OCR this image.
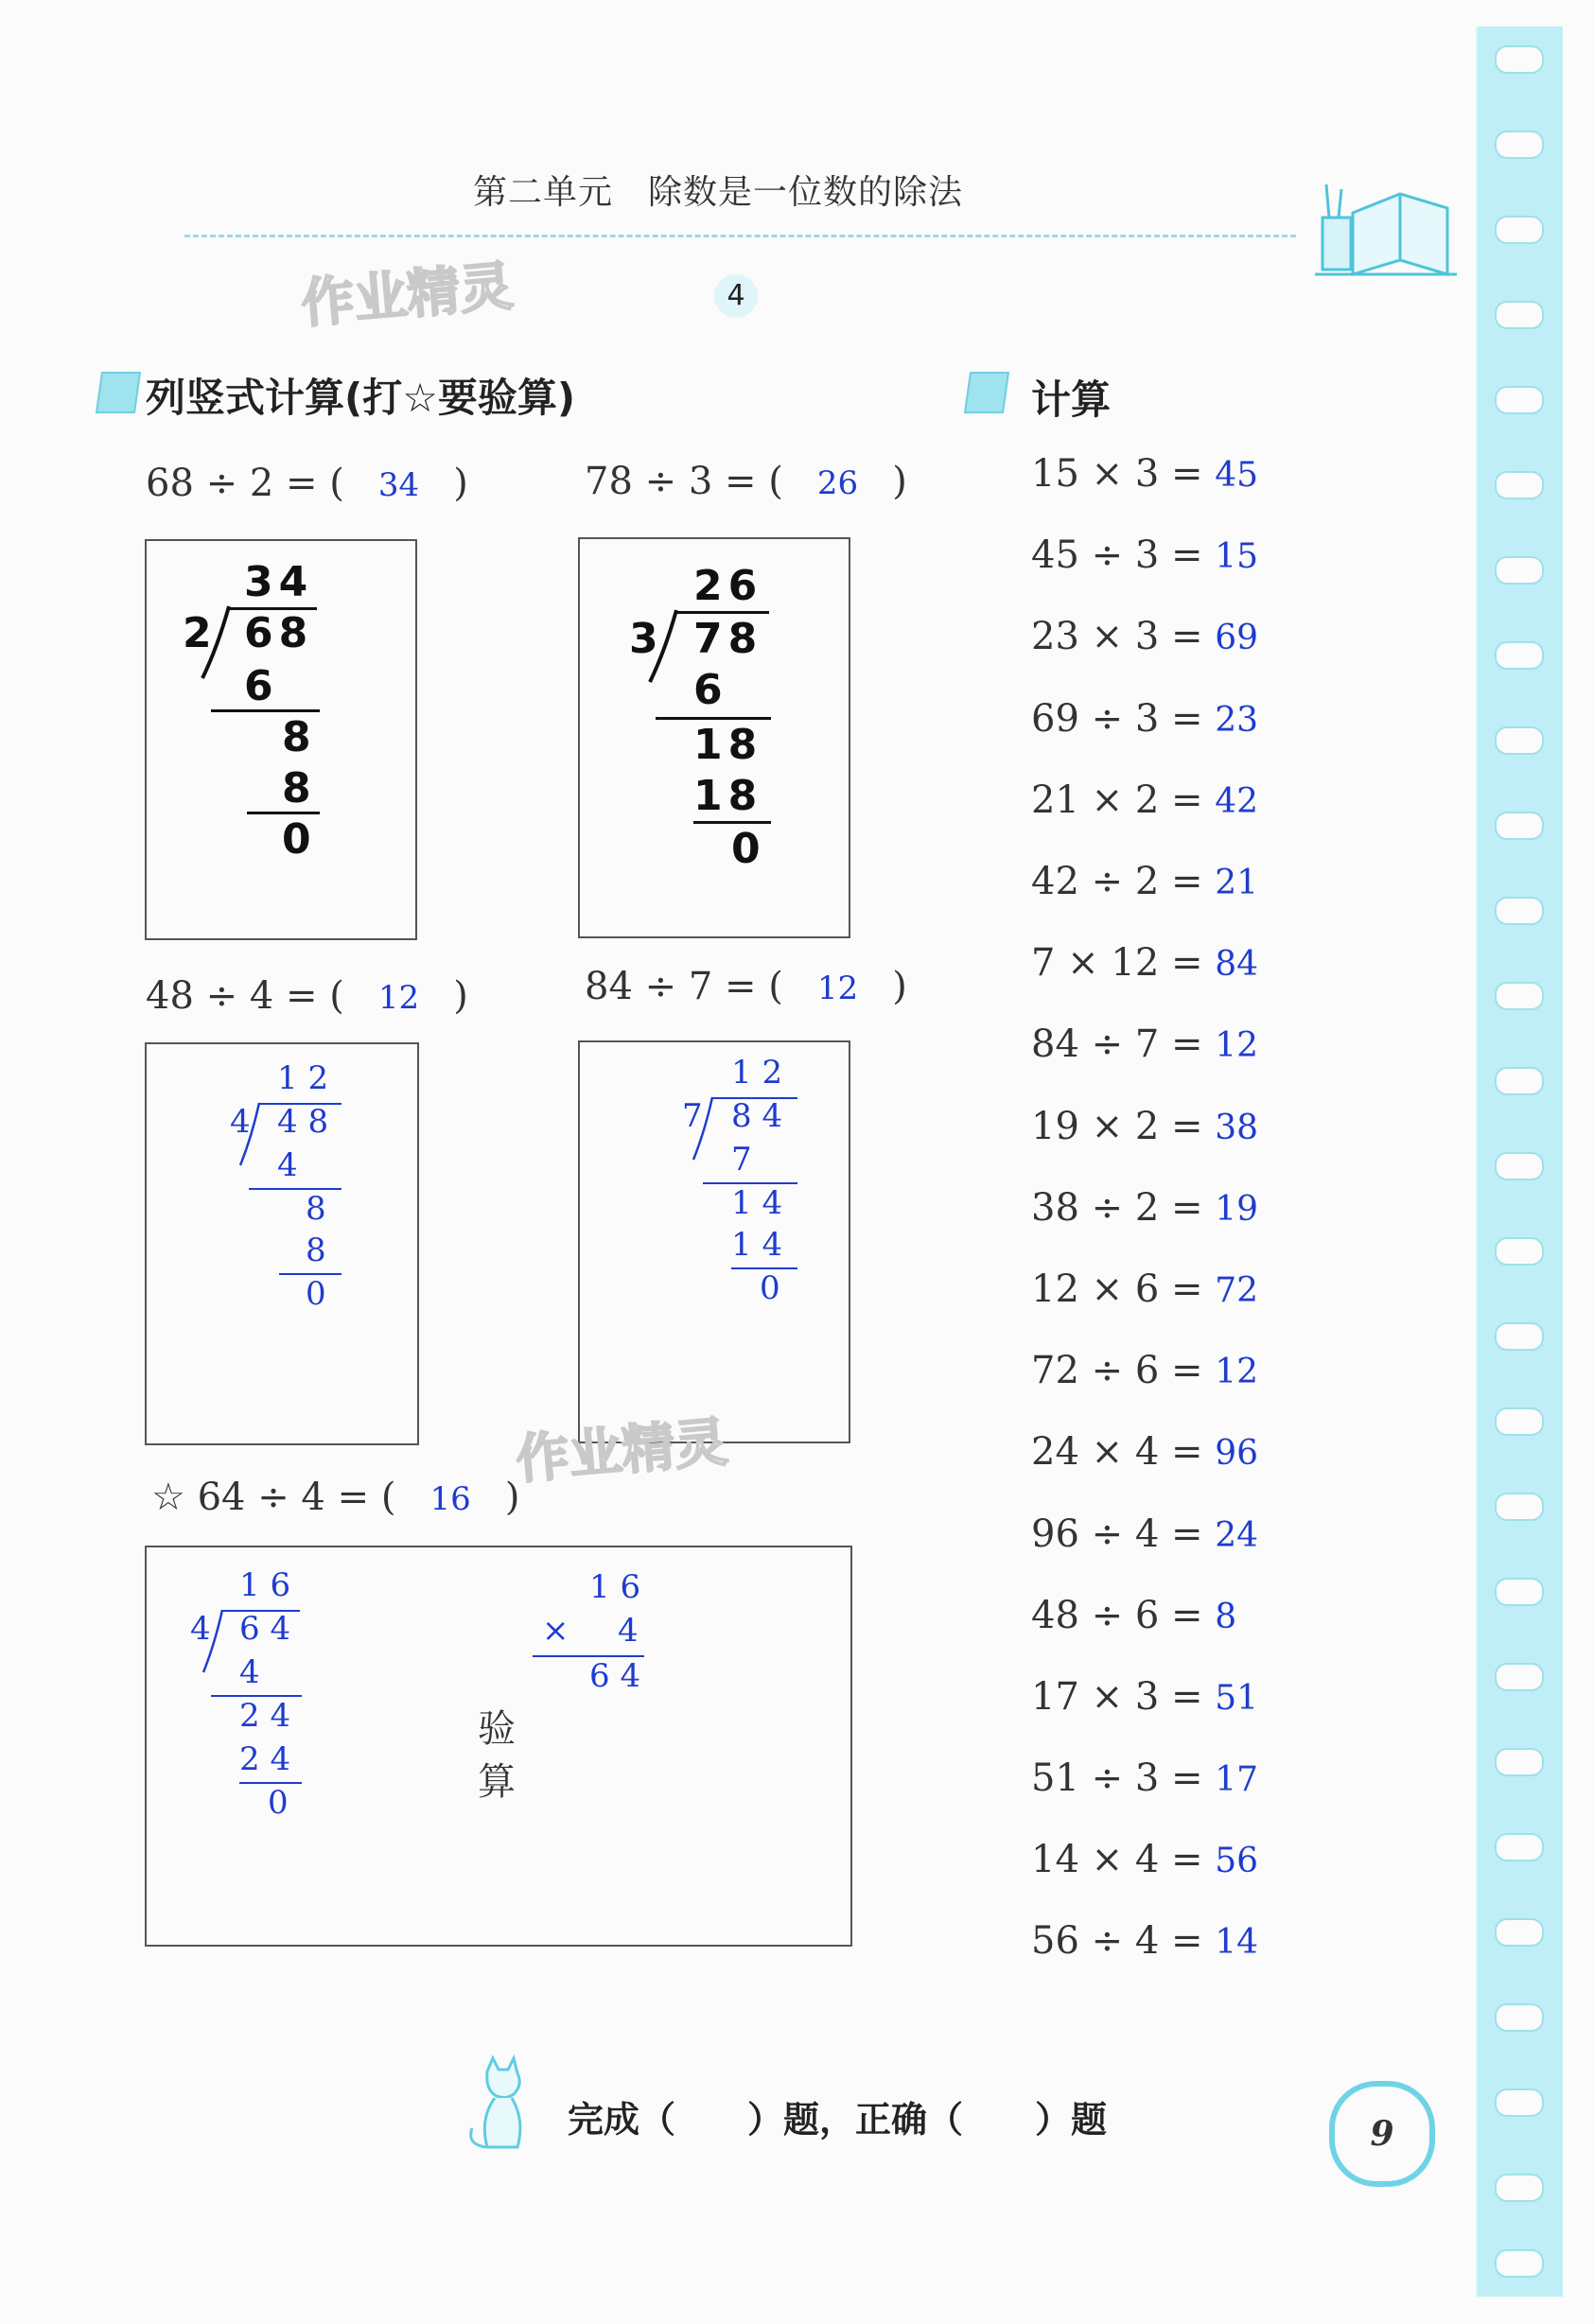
第二单元　除数是一位数的除法
作业精灵	4
列竖式计算(打☆要验算)	计算
68 ÷ 2 = ( 34 )	78 ÷ 3 = ( 26 )
34
2 68
6
8
8
0
26
3 78
6
18
18
0
48 ÷ 4 = ( 12 )	84 ÷ 7 = ( 12 )
1 2
4 4 8
4
8
8
0
1 2
7 8 4
7
1 4
1 4
0
作业精灵
☆ 64 ÷ 4 = ( 16 )
1 6
4 6 4
4
2 4
2 4
0
1 6
× 4
6 4
验
算
15 × 3 = 45
45 ÷ 3 = 15
23 × 3 = 69
69 ÷ 3 = 23
21 × 2 = 42
42 ÷ 2 = 21
7 × 12 = 84
84 ÷ 7 = 12
19 × 2 = 38
38 ÷ 2 = 19
12 × 6 = 72
72 ÷ 6 = 12
24 × 4 = 96
96 ÷ 4 = 24
48 ÷ 6 = 8
17 × 3 = 51
51 ÷ 3 = 17
14 × 4 = 56
56 ÷ 4 = 14
完成（　　）题，正确（　　）题	9
